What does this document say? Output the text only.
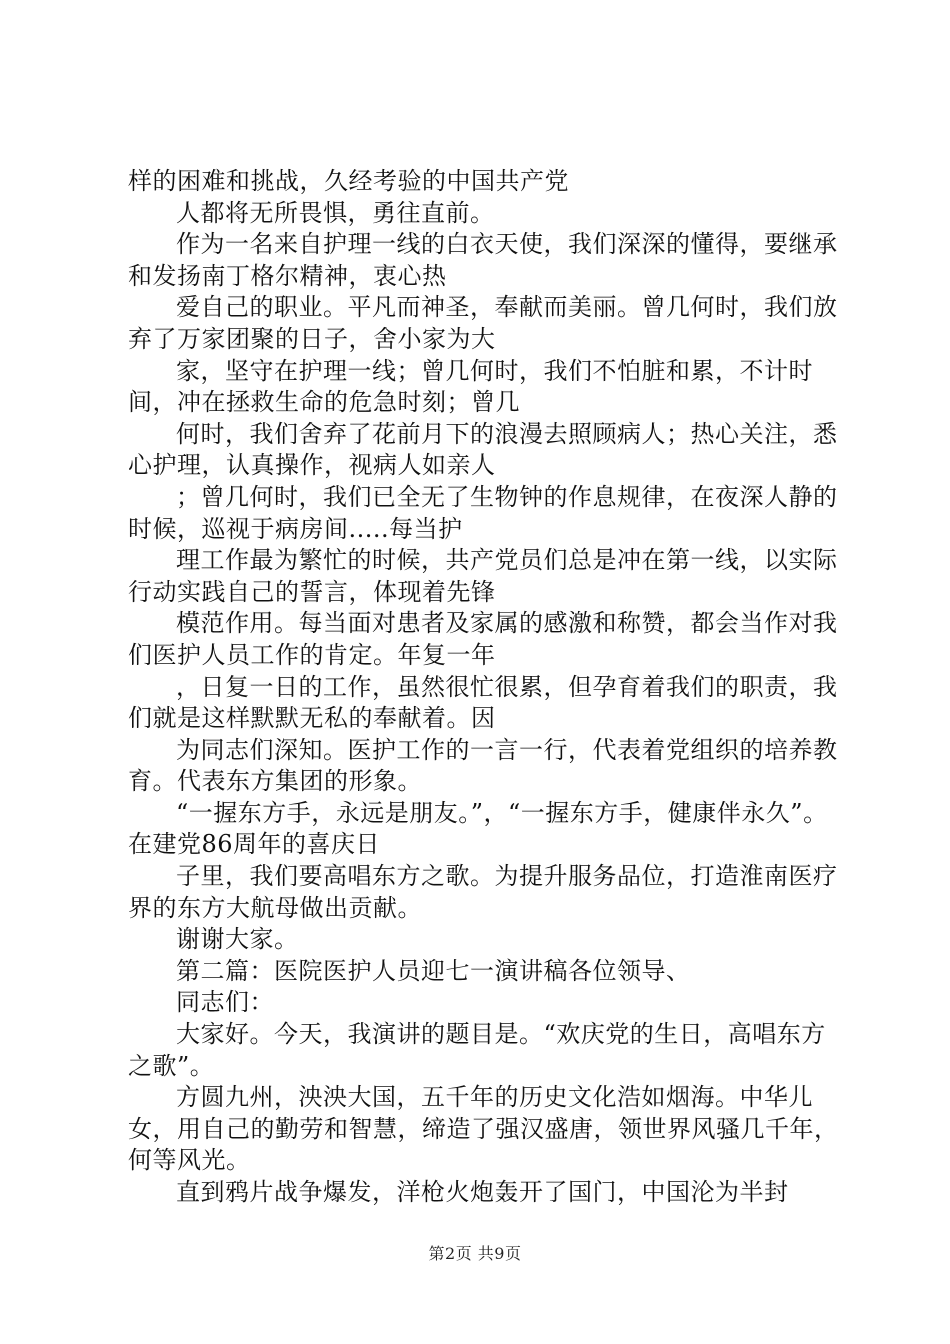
样的困难和挑战，久经考验的中国共产党

人都将无所畏惧，勇往直前。

作为一名来自护理一线的白衣天使，我们深深的懂得，要继承和发扬南丁格尔精神，衷心热

爱自己的职业。平凡而神圣，奉献而美丽。曾几何时，我们放弃了万家团聚的日子，舍小家为大

家，坚守在护理一线；曾几何时，我们不怕脏和累，不计时间，冲在拯救生命的危急时刻；曾几

何时，我们舍弃了花前月下的浪漫去照顾病人；热心关注，悉心护理，认真操作，视病人如亲人

；曾几何时，我们已全无了生物钟的作息规律，在夜深人静的时候，巡视于病房间.....每当护

理工作最为繁忙的时候，共产党员们总是冲在第一线，以实际行动实践自己的誓言，体现着先锋

模范作用。每当面对患者及家属的感激和称赞，都会当作对我们医护人员工作的肯定。年复一年

，日复一日的工作，虽然很忙很累，但孕育着我们的职责，我们就是这样默默无私的奉献着。因

为同志们深知。医护工作的一言一行，代表着党组织的培养教育。代表东方集团的形象。

“一握东方手，永远是朋友。”，“一握东方手，健康伴永久”。在建党86周年的喜庆日

子里，我们要高唱东方之歌。为提升服务品位，打造淮南医疗界的东方大航母做出贡献。

谢谢大家。

第二篇：医院医护人员迎七一演讲稿各位领导、

同志们：

大家好。今天，我演讲的题目是。“欢庆党的生日，高唱东方之歌”。

方圆九州，泱泱大国，五千年的历史文化浩如烟海。中华儿女，用自己的勤劳和智慧，缔造了强汉盛唐，领世界风骚几千年，何等风光。

直到鸦片战争爆发，洋枪火炮轰开了国门，中国沦为半封

第2页 共9页
